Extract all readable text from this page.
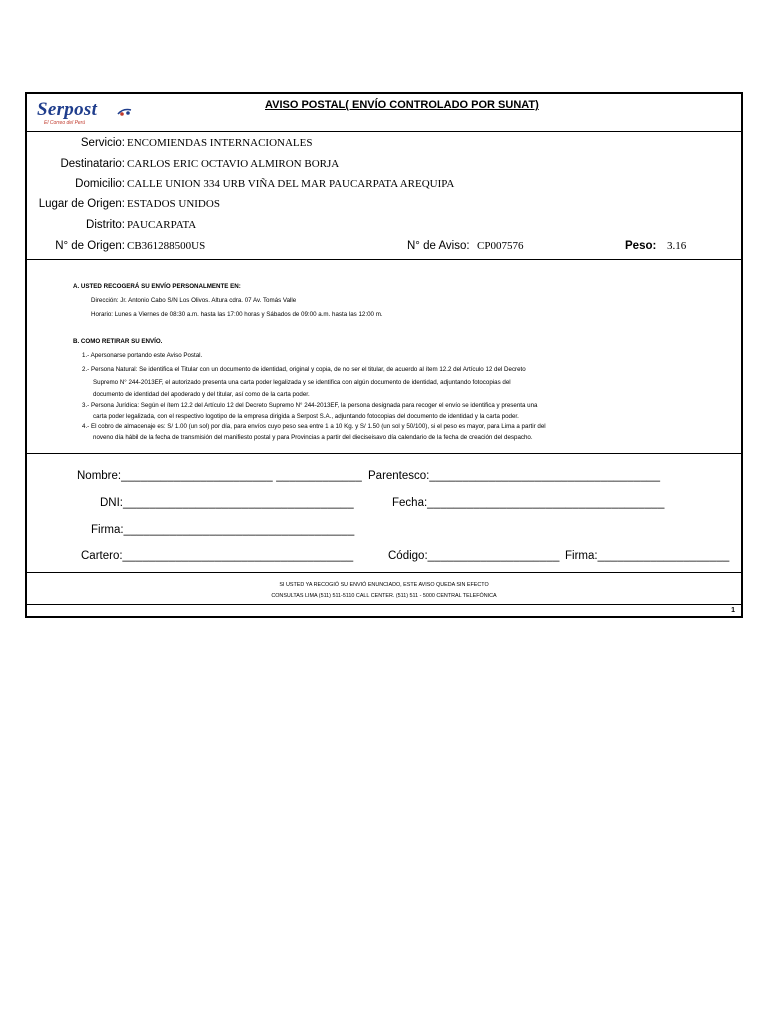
Serpost
El Correo del Perú
AVISO POSTAL( ENVÍO CONTROLADO POR SUNAT)
Servicio: ENCOMIENDAS INTERNACIONALES
Destinatario: CARLOS ERIC OCTAVIO ALMIRON BORJA
Domicilio: CALLE UNION 334 URB VIÑA DEL MAR PAUCARPATA AREQUIPA
Lugar de Origen: ESTADOS UNIDOS
Distrito: PAUCARPATA
N° de Origen: CB361288500US	N° de Aviso: CP007576	Peso: 3.16
A. USTED RECOGERÁ SU ENVÍO PERSONALMENTE EN:
Dirección: Jr. Antonio Cabo S/N Los Olivos. Altura cdra. 07 Av. Tomás Valle
Horario: Lunes a Viernes de 08:30 a.m. hasta las 17:00 horas y Sábados de 09:00 a.m. hasta las 12:00 m.
B. COMO RETIRAR SU ENVÍO.
1.- Apersonarse portando este Aviso Postal.
2.- Persona Natural: Se identifica el Titular con un documento de identidad, original y copia, de no ser el titular, de acuerdo al ítem 12.2 del Artículo 12 del Decreto
Supremo N° 244-2013EF, el autorizado presenta una carta poder legalizada y se identifica con algún documento de identidad, adjuntando fotocopias del
documento de identidad del apoderado y del titular, así como de la carta poder.
3.- Persona Jurídica: Según el ítem 12.2 del Artículo 12 del Decreto Supremo N° 244-2013EF, la persona designada para recoger el envío se identifica y presenta una
carta poder legalizada, con el respectivo logotipo de la empresa dirigida a Serpost S.A., adjuntando fotocopias del documento de identidad y la carta poder.
4.- El cobro de almacenaje es: S/ 1.00 (un sol) por día, para envíos cuyo peso sea entre 1 a 10 Kg. y S/ 1.50 (un sol y 50/100), si el peso es mayor, para Lima a partir del
noveno día hábil de la fecha de transmisión del manifiesto postal y para Provincias a partir del dieciseisavo día calendario de la fecha de creación del despacho.
Nombre:_______________________ _____________ Parentesco:___________________________________
DNI:___________________________________	Fecha:____________________________________
Firma:___________________________________
Cartero:___________________________________	Código:____________________ Firma:____________________
SI USTED YA RECOGIÓ SU ENVIÓ ENUNCIADO, ESTE AVISO QUEDA SIN EFECTO
CONSULTAS LIMA (511) 511-5110 CALL CENTER. (511) 511 - 5000 CENTRAL TELEFÓNICA
1
